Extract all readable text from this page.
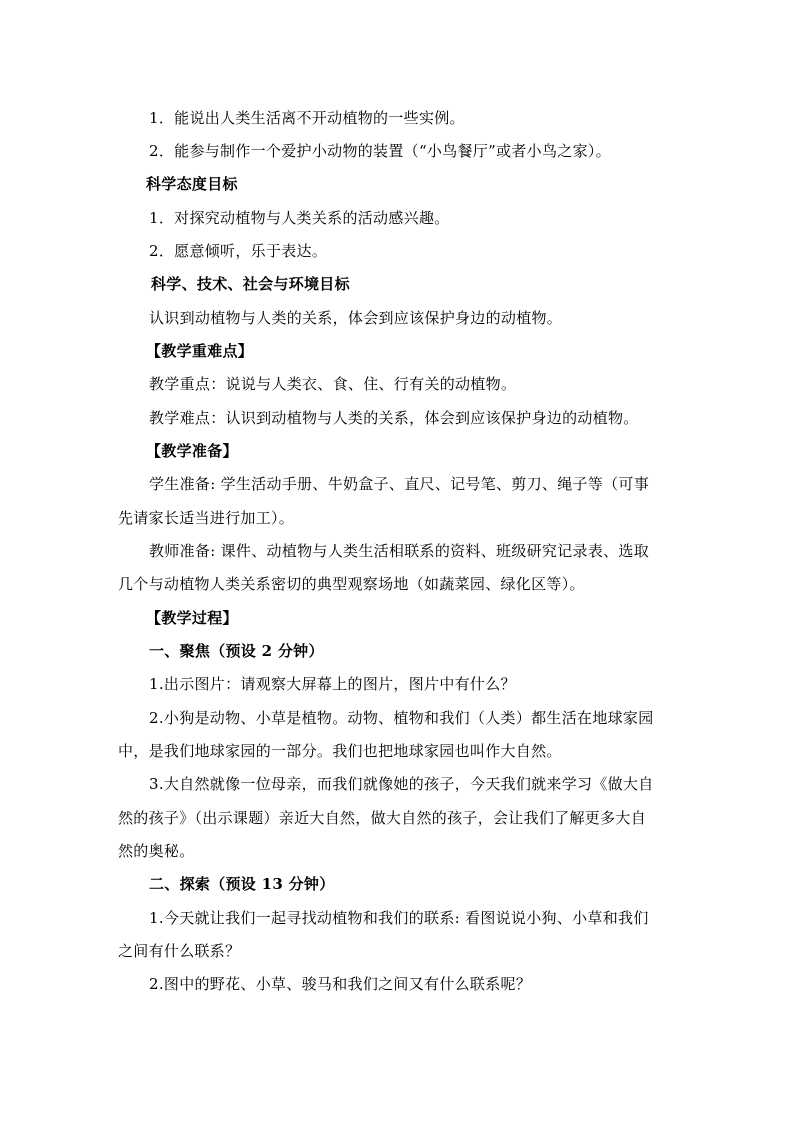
1．能说出人类生活离不开动植物的一些实例。
2．能参与制作一个爱护小动物的装置（“小鸟餐厅”或者小鸟之家）。
科学态度目标
1．对探究动植物与人类关系的活动感兴趣。
2．愿意倾听，乐于表达。
科学、技术、社会与环境目标
认识到动植物与人类的关系，体会到应该保护身边的动植物。
【教学重难点】
教学重点：说说与人类衣、食、住、行有关的动植物。
教学难点：认识到动植物与人类的关系，体会到应该保护身边的动植物。
【教学准备】
学生准备: 学生活动手册、牛奶盒子、直尺、记号笔、剪刀、绳子等（可事
先请家长适当进行加工）。
教师准备: 课件、动植物与人类生活相联系的资料、班级研究记录表、选取
几个与动植物人类关系密切的典型观察场地（如蔬菜园、绿化区等）。
【教学过程】
一、聚焦（预设 2 分钟）
1.出示图片：请观察大屏幕上的图片，图片中有什么？
2.小狗是动物、小草是植物。动物、植物和我们（人类）都生活在地球家园
中，是我们地球家园的一部分。我们也把地球家园也叫作大自然。
3.大自然就像一位母亲，而我们就像她的孩子，今天我们就来学习《做大自
然的孩子》（出示课题）亲近大自然，做大自然的孩子，会让我们了解更多大自
然的奥秘。
二、探索（预设 13 分钟）
1.今天就让我们一起寻找动植物和我们的联系: 看图说说小狗、小草和我们
之间有什么联系？
2.图中的野花、小草、骏马和我们之间又有什么联系呢？
